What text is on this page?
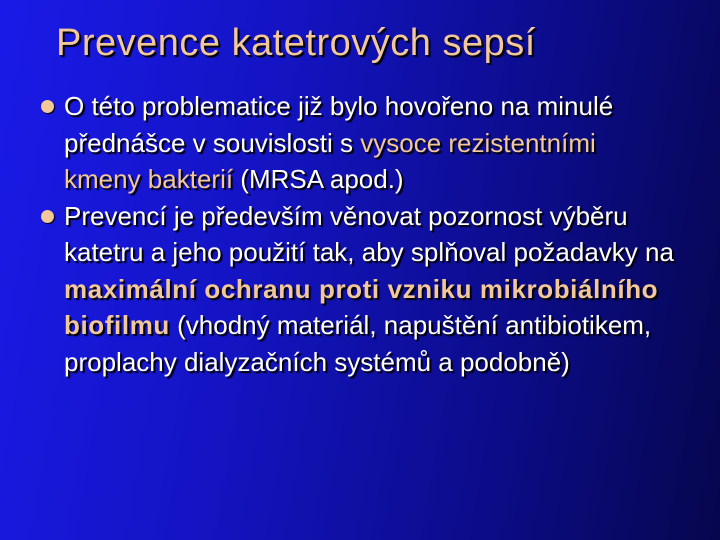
Prevence katetrových sepsí
O této problematice již bylo hovořeno na minulé přednášce v souvislosti s vysoce rezistentními kmeny bakterií (MRSA apod.)
Prevencí je především věnovat pozornost výběru katetru a jeho použití tak, aby splňoval požadavky na maximální ochranu proti vzniku mikrobiálního biofilmu (vhodný materiál, napuštění antibiotikem, proplachy dialyzačních systémů a podobně)
